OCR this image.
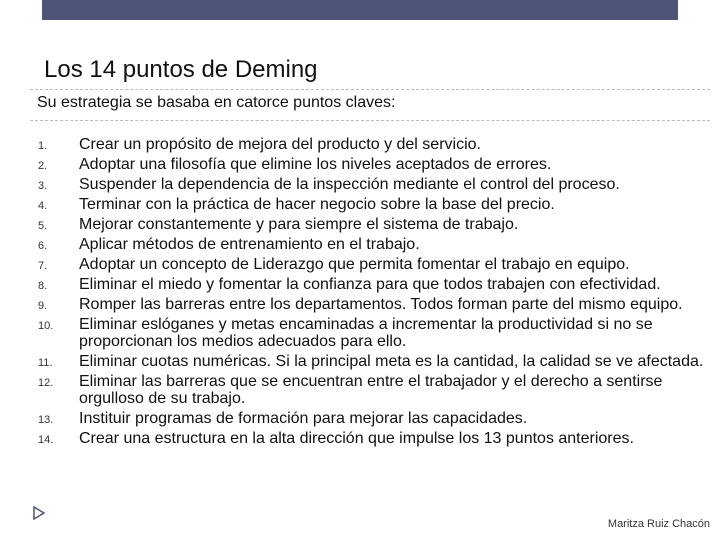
Los 14 puntos de Deming
Su estrategia se basaba en catorce puntos claves:
1.	Crear un propósito de mejora del producto y del servicio.
2.	Adoptar una filosofía que elimine los niveles aceptados de errores.
3.	Suspender la dependencia de la inspección mediante el control del proceso.
4.	Terminar con la práctica de hacer negocio sobre la base del precio.
5.	Mejorar constantemente y para siempre el sistema de trabajo.
6.	Aplicar métodos de entrenamiento en el trabajo.
7.	Adoptar un concepto de Liderazgo que permita fomentar el trabajo en equipo.
8.	Eliminar el miedo y fomentar la confianza para que todos trabajen con efectividad.
9.	Romper las barreras entre los departamentos. Todos forman parte del mismo equipo.
10.	Eliminar eslóganes y metas encaminadas a incrementar la productividad si no se proporcionan los medios adecuados para ello.
11.	Eliminar cuotas numéricas. Si la principal meta es la cantidad, la calidad se ve afectada.
12.	Eliminar las barreras que se encuentran entre el trabajador y el derecho a sentirse orgulloso de su trabajo.
13.	Instituir programas de formación para mejorar las capacidades.
14.	Crear una estructura en la alta dirección que impulse los 13 puntos anteriores.
Maritza Ruiz Chacón
